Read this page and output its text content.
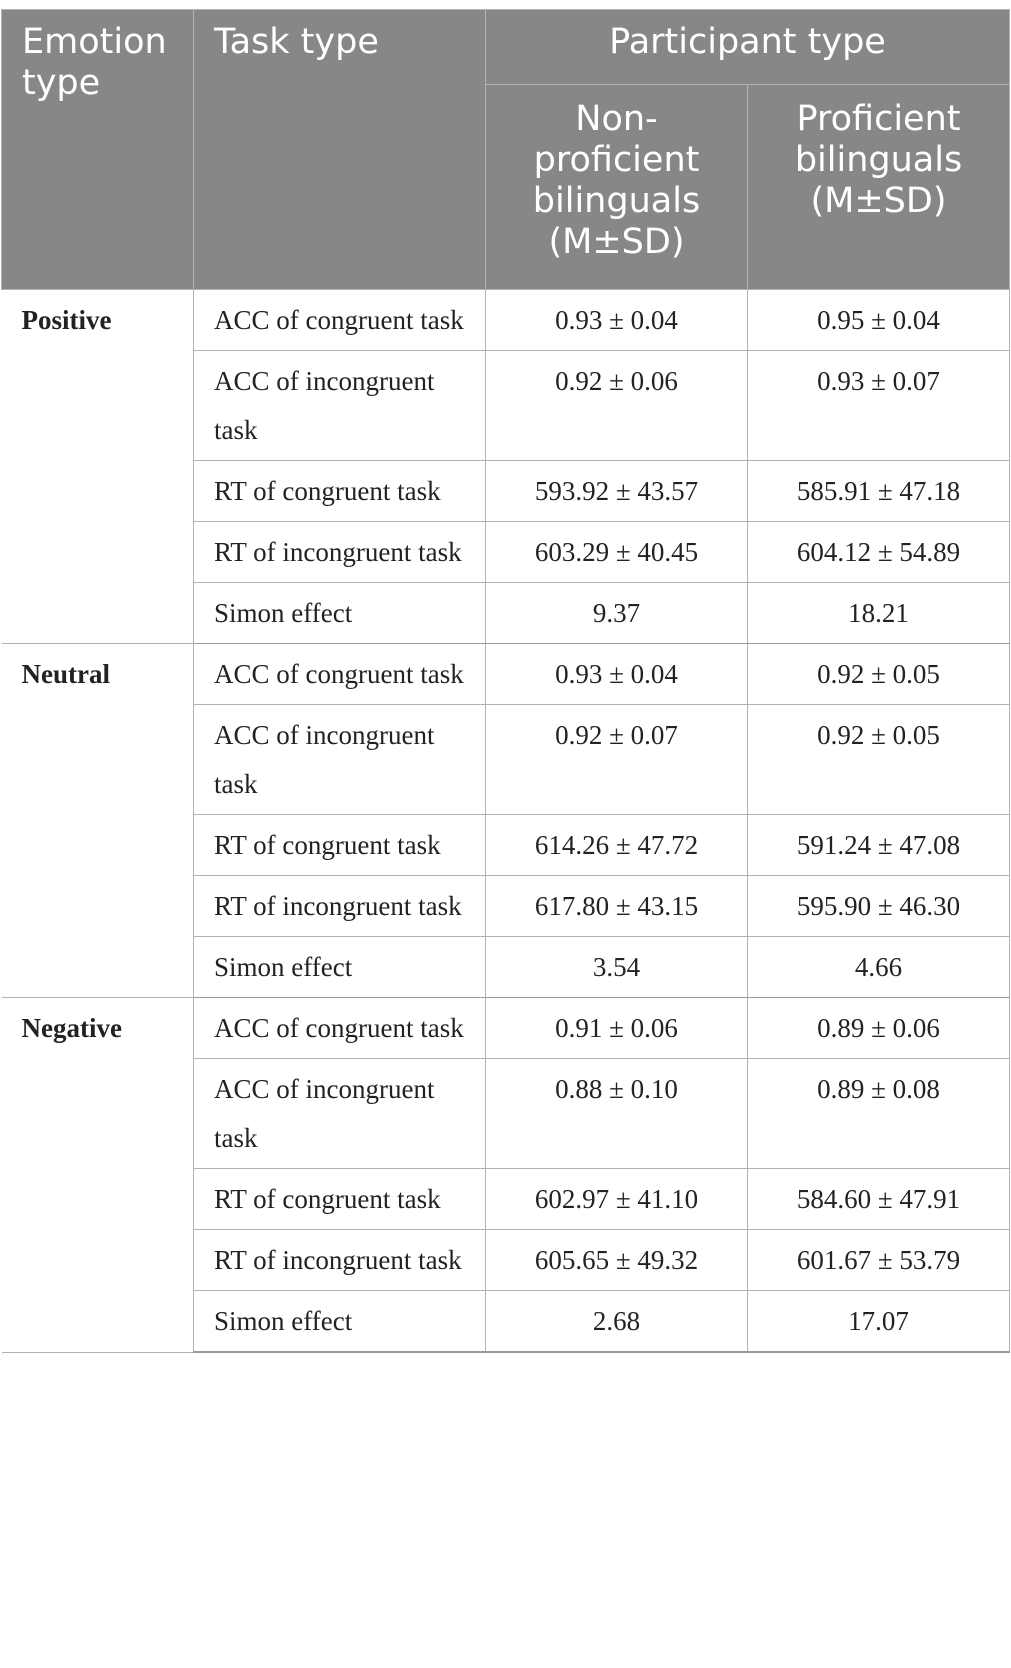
Emotion type	Task type	Participant type	
		Non-proficient bilinguals (M±SD)	Proficient bilinguals (M±SD)
Positive	ACC of congruent task	0.93 ± 0.04	0.95 ± 0.04
	ACC of incongruent task	0.92 ± 0.06	0.93 ± 0.07
	RT of congruent task	593.92 ± 43.57	585.91 ± 47.18
	RT of incongruent task	603.29 ± 40.45	604.12 ± 54.89
	Simon effect	9.37	18.21
Neutral	ACC of congruent task	0.93 ± 0.04	0.92 ± 0.05
	ACC of incongruent task	0.92 ± 0.07	0.92 ± 0.05
	RT of congruent task	614.26 ± 47.72	591.24 ± 47.08
	RT of incongruent task	617.80 ± 43.15	595.90 ± 46.30
	Simon effect	3.54	4.66
Negative	ACC of congruent task	0.91 ± 0.06	0.89 ± 0.06
	ACC of incongruent task	0.88 ± 0.10	0.89 ± 0.08
	RT of congruent task	602.97 ± 41.10	584.60 ± 47.91
	RT of incongruent task	605.65 ± 49.32	601.67 ± 53.79
	Simon effect	2.68	17.07
